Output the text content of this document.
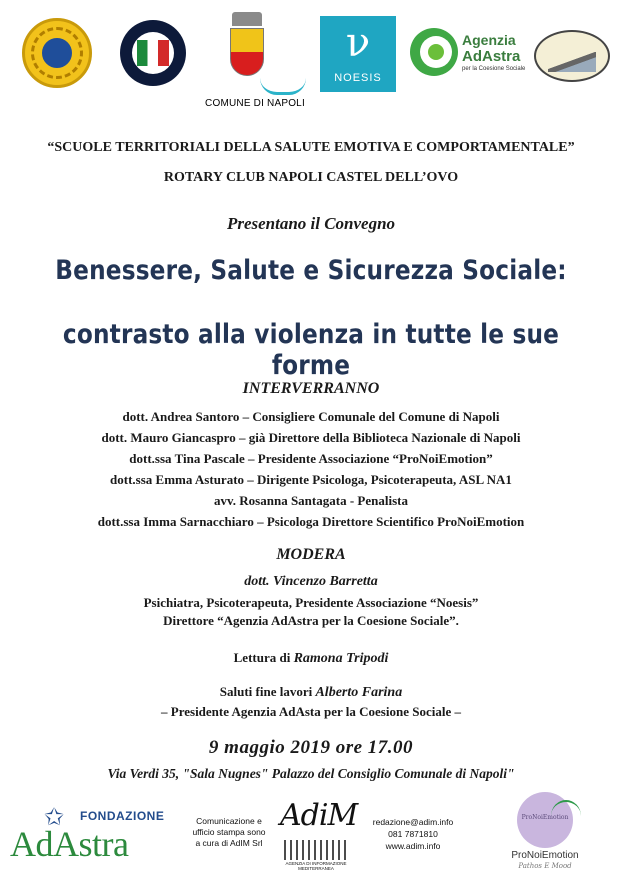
COMUNE DI NAPOLI
ν
NOESIS
Agenzia
AdAstra
per la Coesione Sociale
“SCUOLE TERRITORIALI DELLA SALUTE EMOTIVA E COMPORTAMENTALE”
ROTARY CLUB NAPOLI CASTEL DELL’OVO
Presentano il Convegno
Benessere, Salute e Sicurezza Sociale:
contrasto alla violenza in tutte le sue forme
INTERVERRANNO
dott. Andrea Santoro – Consigliere Comunale del Comune di Napoli
dott. Mauro Giancaspro – già Direttore della Biblioteca Nazionale di Napoli
dott.ssa Tina Pascale – Presidente Associazione “ProNoiEmotion”
dott.ssa Emma Asturato – Dirigente Psicologa, Psicoterapeuta, ASL NA1
avv. Rosanna Santagata - Penalista
dott.ssa Imma Sarnacchiaro – Psicologa Direttore Scientifico ProNoiEmotion
MODERA
dott. Vincenzo Barretta
Psichiatra, Psicoterapeuta, Presidente Associazione “Noesis”
Direttore “Agenzia AdAstra per la Coesione Sociale”.
Lettura di Ramona Tripodi
Saluti fine lavori Alberto Farina
– Presidente Agenzia AdAsta per la Coesione Sociale –
9 maggio 2019 ore 17.00
Via Verdi 35, "Sala Nugnes" Palazzo del Consiglio Comunale di Napoli"
✩ FONDAZIONE
AdAstra
Comunicazione e
ufficio stampa sono
a cura di AdIM Srl
AdiM
AGENZIA DI INFORMAZIONE MEDITERRANEA
redazione@adim.info
081 7871810
www.adim.info
ProNoiEmotion
ProNoiEmotion
Pathos E Mood
